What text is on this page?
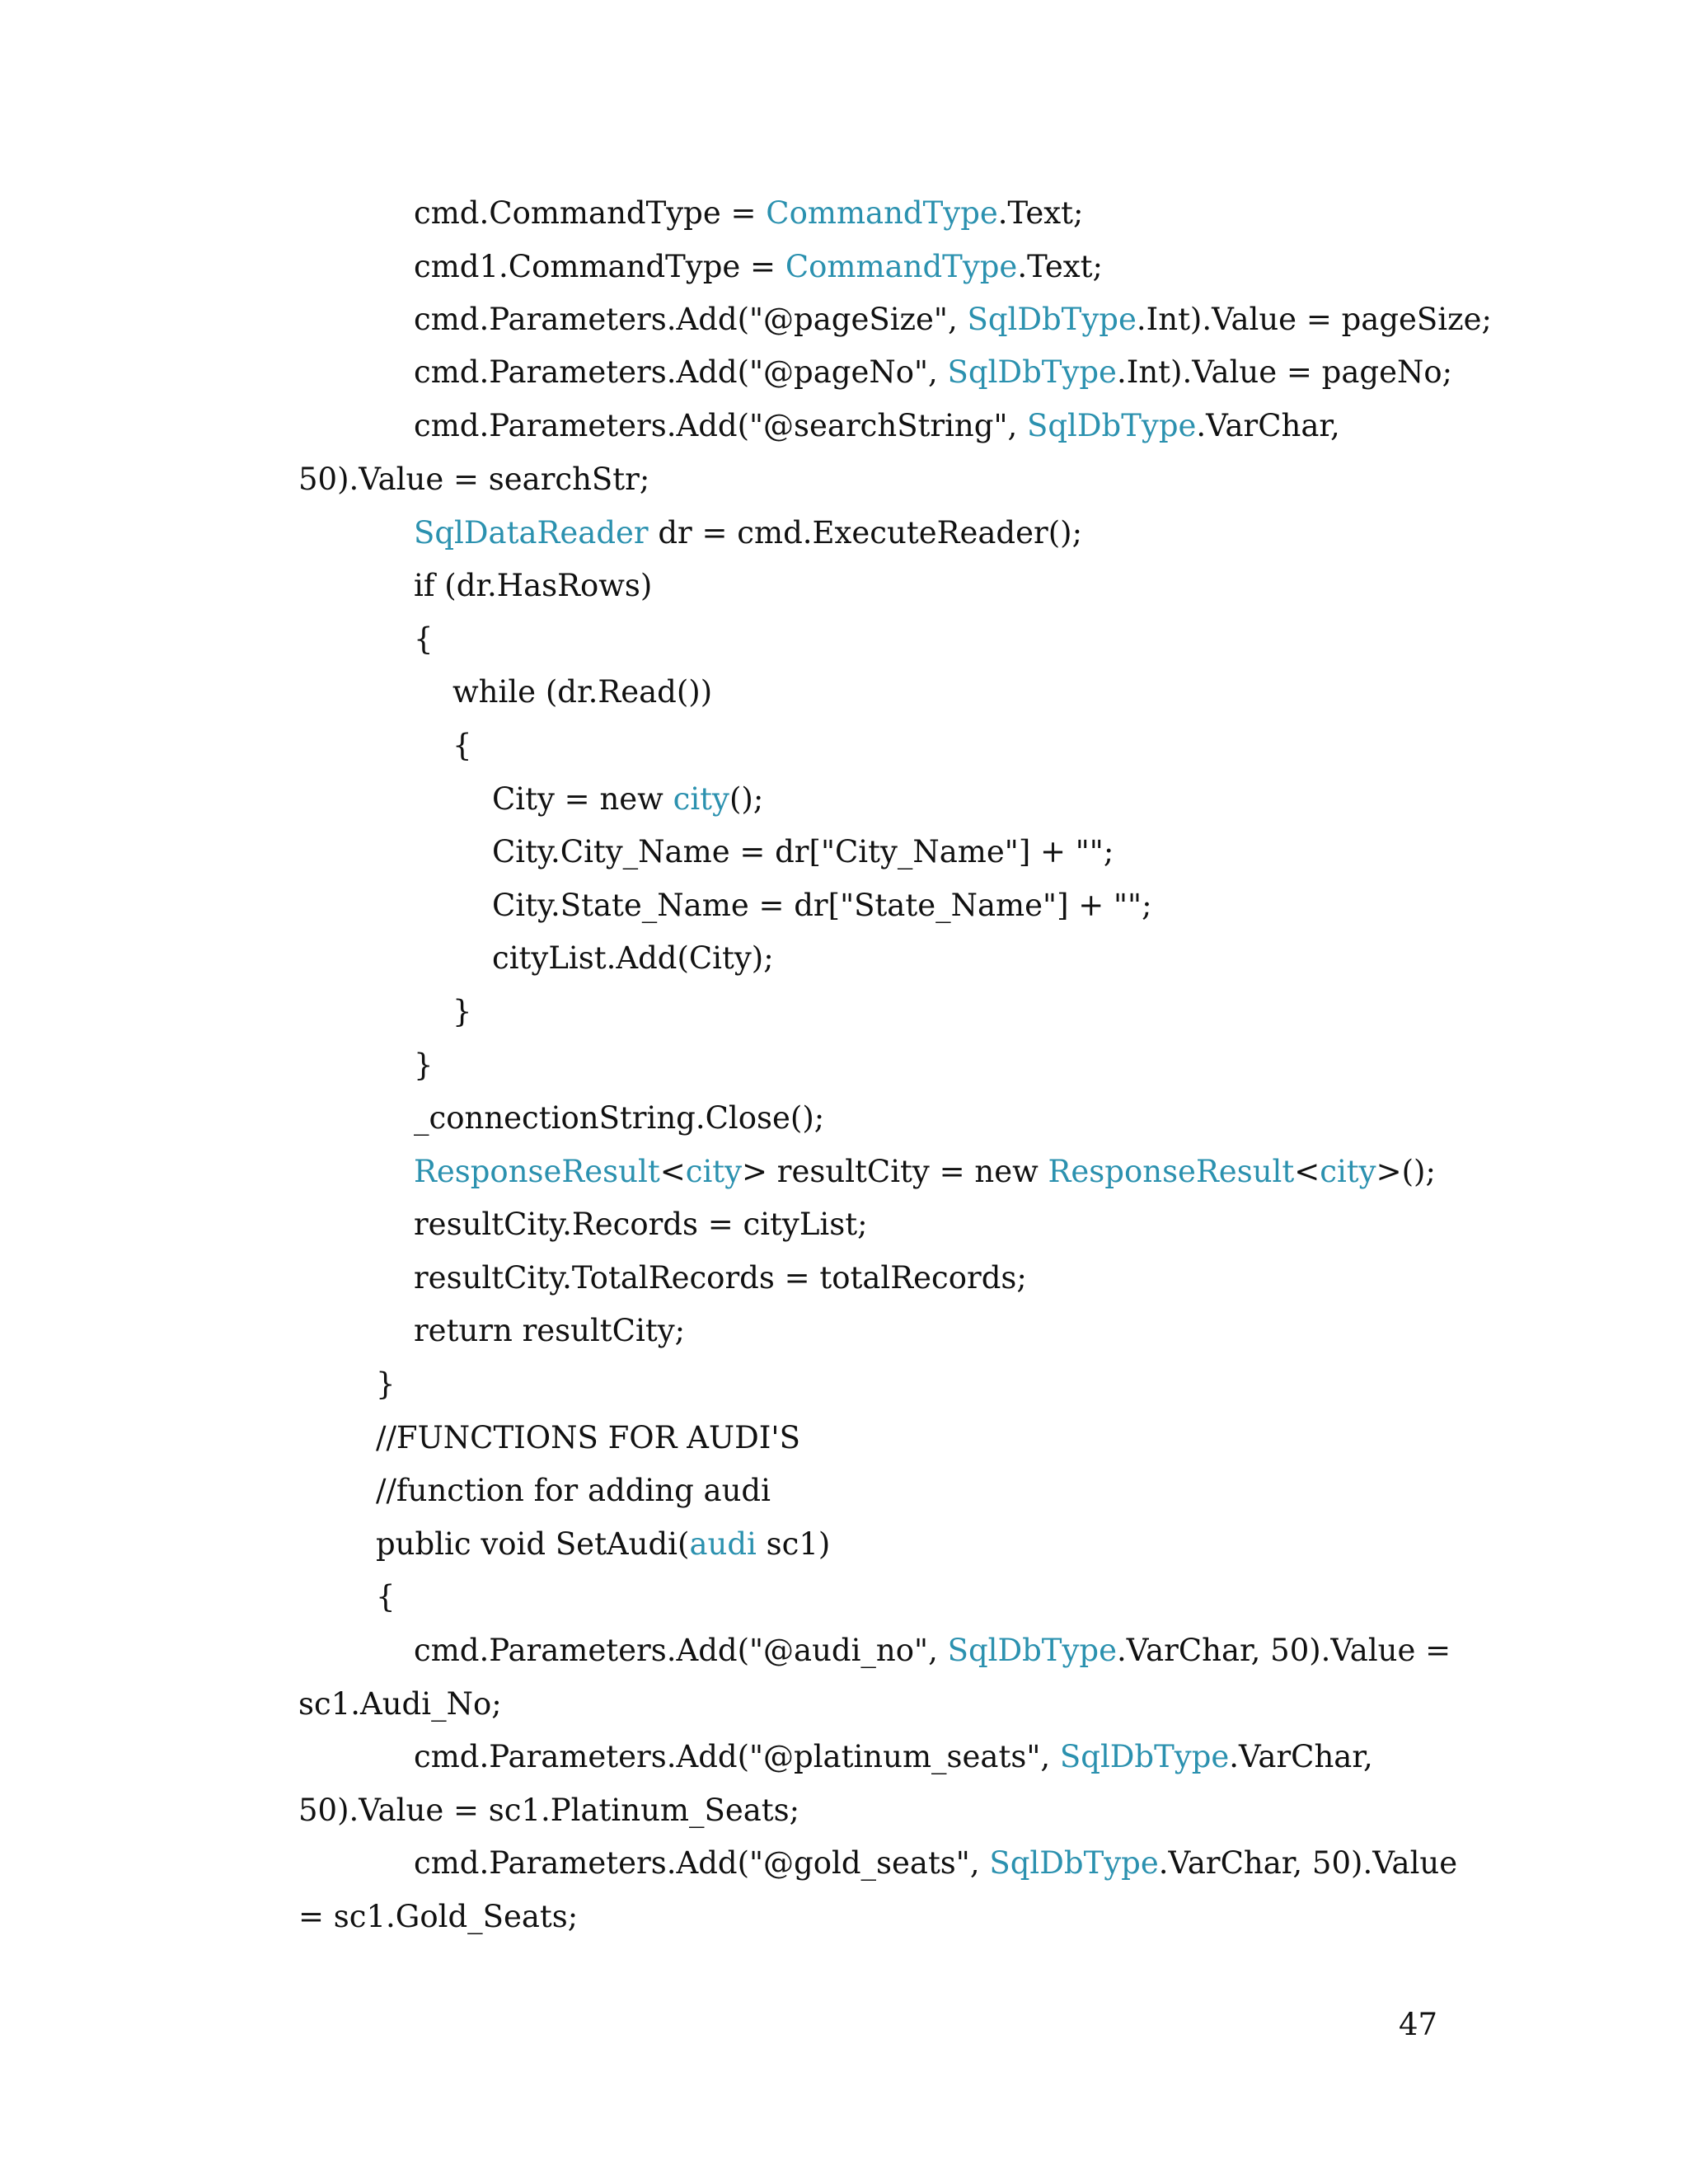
cmd.CommandType = CommandType.Text;
cmd1.CommandType = CommandType.Text;
cmd.Parameters.Add("@pageSize", SqlDbType.Int).Value = pageSize;
cmd.Parameters.Add("@pageNo", SqlDbType.Int).Value = pageNo;
cmd.Parameters.Add("@searchString", SqlDbType.VarChar,
50).Value = searchStr;
SqlDataReader dr = cmd.ExecuteReader();
if (dr.HasRows)
{
while (dr.Read())
{
City = new city();
City.City_Name = dr["City_Name"] + "";
City.State_Name = dr["State_Name"] + "";
cityList.Add(City);
}
}
_connectionString.Close();
ResponseResult<city> resultCity = new ResponseResult<city>();
resultCity.Records = cityList;
resultCity.TotalRecords = totalRecords;
return resultCity;
}
//FUNCTIONS FOR AUDI'S
//function for adding audi
public void SetAudi(audi sc1)
{
cmd.Parameters.Add("@audi_no", SqlDbType.VarChar, 50).Value =
sc1.Audi_No;
cmd.Parameters.Add("@platinum_seats", SqlDbType.VarChar,
50).Value = sc1.Platinum_Seats;
cmd.Parameters.Add("@gold_seats", SqlDbType.VarChar, 50).Value
= sc1.Gold_Seats;
47
